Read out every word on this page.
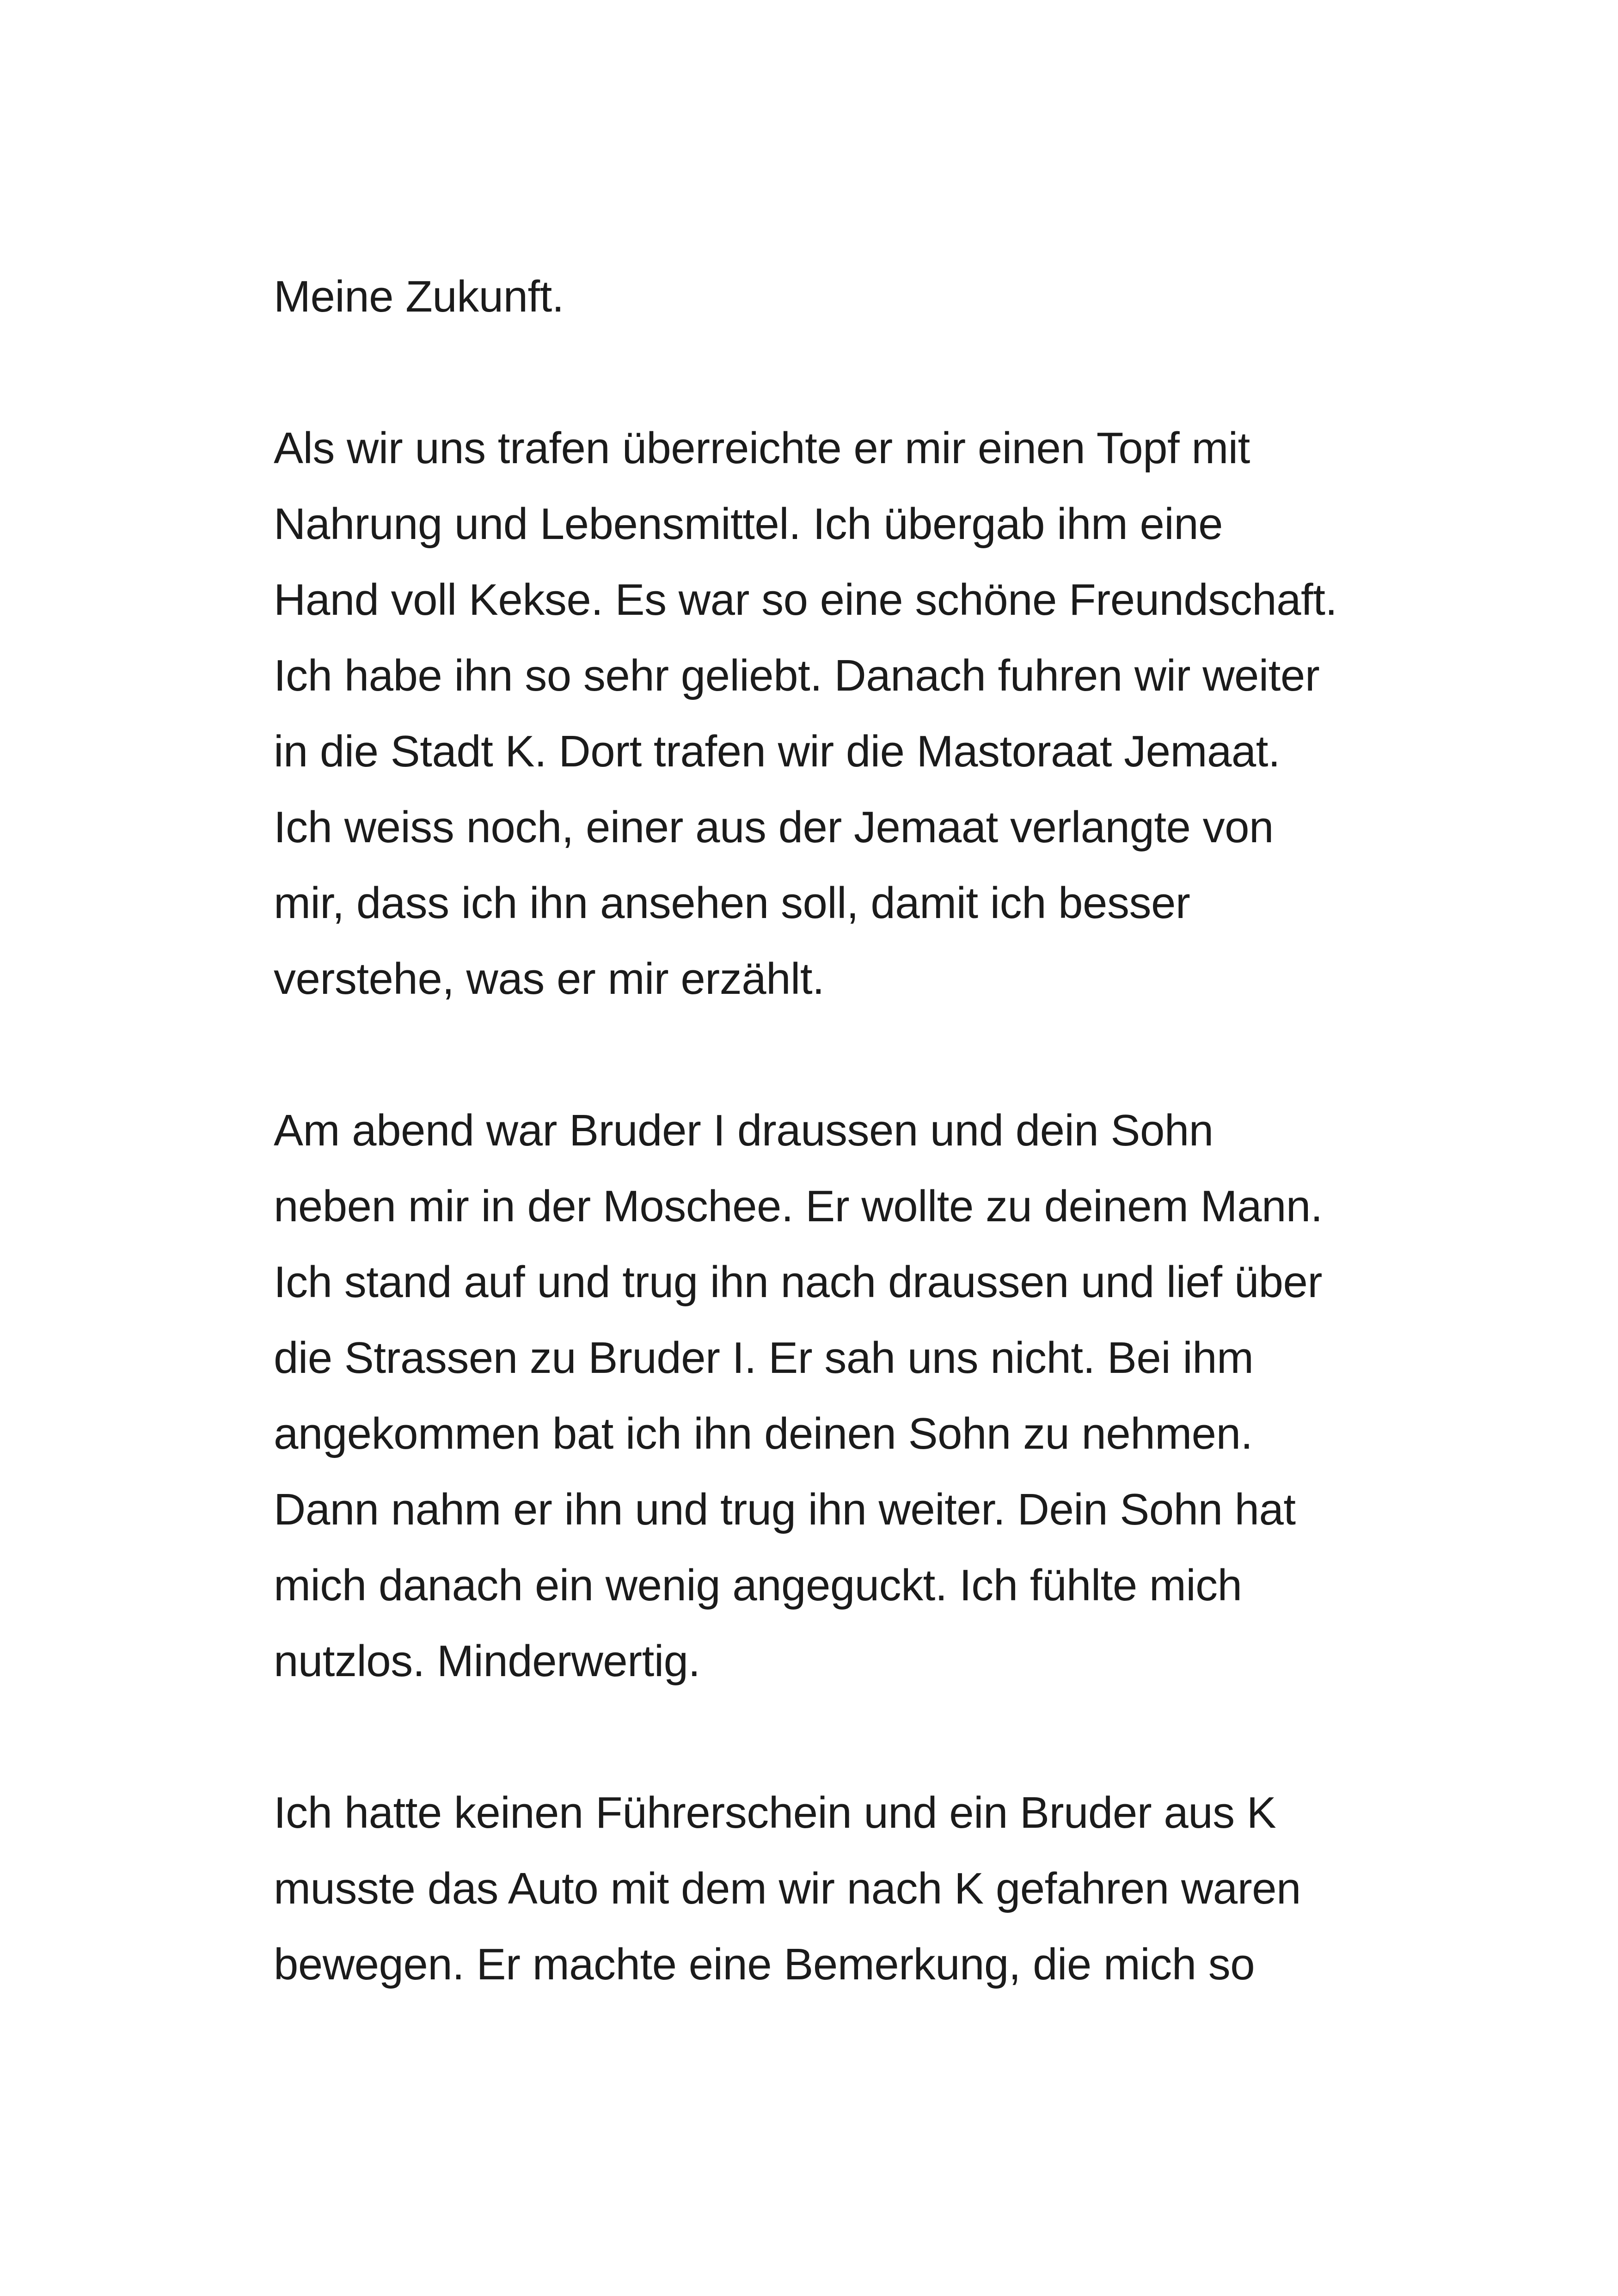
Meine Zukunft.
Als wir uns trafen überreichte er mir einen Topf mit
Nahrung und Lebensmittel. Ich übergab ihm eine
Hand voll Kekse. Es war so eine schöne Freundschaft.
Ich habe ihn so sehr geliebt. Danach fuhren wir weiter
in die Stadt K. Dort trafen wir die Mastoraat Jemaat.
Ich weiss noch, einer aus der Jemaat verlangte von
mir, dass ich ihn ansehen soll, damit ich besser
verstehe, was er mir erzählt.
Am abend war Bruder I draussen und dein Sohn
neben mir in der Moschee. Er wollte zu deinem Mann.
Ich stand auf und trug ihn nach draussen und lief über
die Strassen zu Bruder I. Er sah uns nicht. Bei ihm
angekommen bat ich ihn deinen Sohn zu nehmen.
Dann nahm er ihn und trug ihn weiter. Dein Sohn hat
mich danach ein wenig angeguckt. Ich fühlte mich
nutzlos. Minderwertig.
Ich hatte keinen Führerschein und ein Bruder aus K
musste das Auto mit dem wir nach K gefahren waren
bewegen. Er machte eine Bemerkung, die mich so
